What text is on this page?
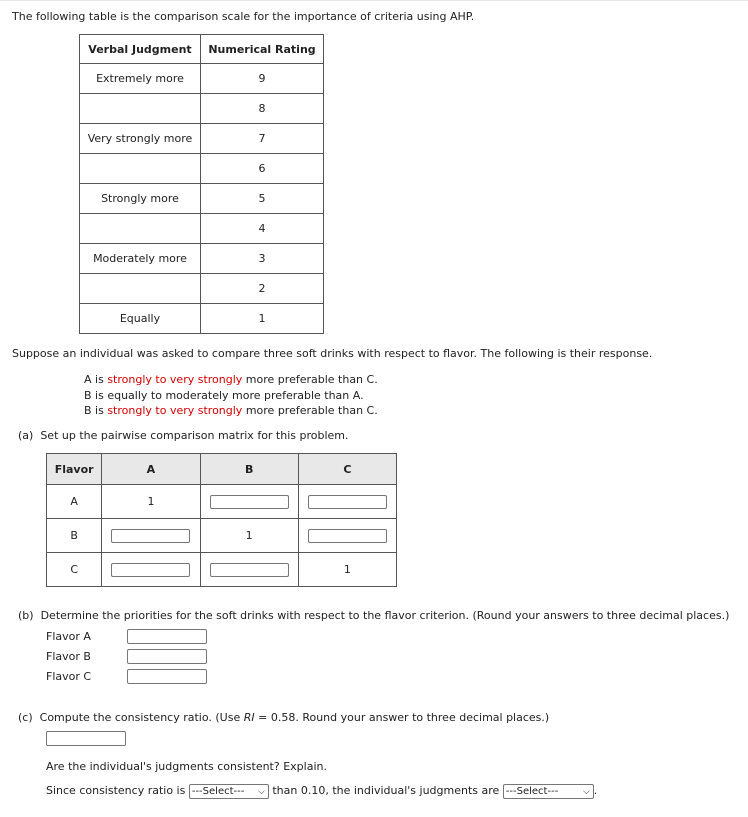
The following table is the comparison scale for the importance of criteria using AHP.
Verbal Judgment	Numerical Rating
Extremely more	9
	8
Very strongly more	7
	6
Strongly more	5
	4
Moderately more	3
	2
Equally	1
Suppose an individual was asked to compare three soft drinks with respect to flavor. The following is their response.
A is strongly to very strongly more preferable than C.
B is equally to moderately more preferable than A.
B is strongly to very strongly more preferable than C.
(a) Set up the pairwise comparison matrix for this problem.
Flavor	A	B	C
A	1		
B		1	
C			1
(b) Determine the priorities for the soft drinks with respect to the flavor criterion. (Round your answers to three decimal places.)
Flavor A
Flavor B
Flavor C
(c) Compute the consistency ratio. (Use RI = 0.58. Round your answer to three decimal places.)
Are the individual's judgments consistent? Explain.
Since consistency ratio is ---Select--- ⌵ than 0.10, the individual's judgments are ---Select---	⌵ .
